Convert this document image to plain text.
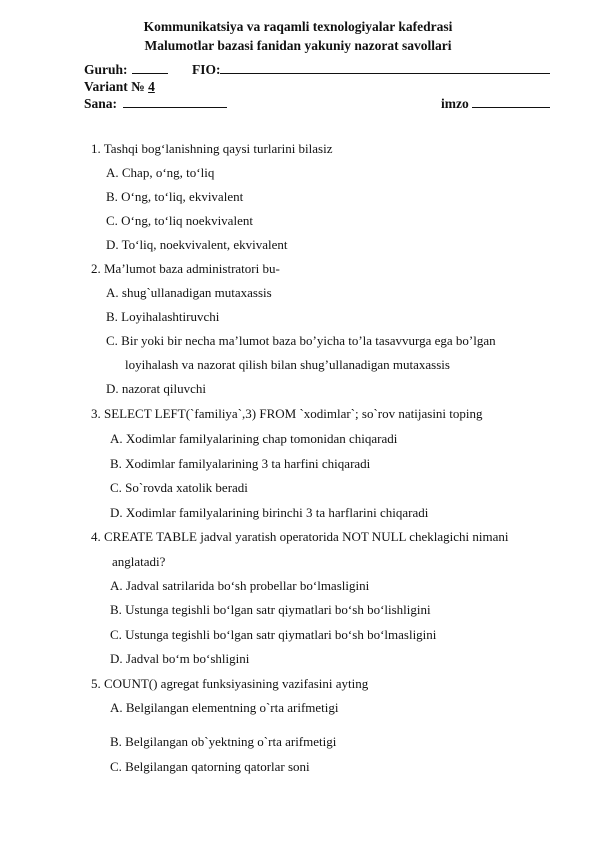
Kommunikatsiya va raqamli texnologiyalar kafedrasi
Malumotlar bazasi fanidan yakuniy nazorat savollari
Guruh:	FIO:
Variant № 4
Sana:	imzo
1. Tashqi bog‘lanishning qaysi turlarini bilasiz
A. Chap, o‘ng, to‘liq
B. O‘ng, to‘liq, ekvivalent
C. O‘ng, to‘liq noekvivalent
D. To‘liq, noekvivalent, ekvivalent
2. Ma’lumot baza administratori bu-
A. shug`ullanadigan mutaxassis
B. Loyihalashtiruvchi
C. Bir yoki bir necha ma’lumot baza bo’yicha to’la tasavvurga ega bo’lgan
loyihalash va nazorat qilish bilan shug’ullanadigan mutaxassis
D. nazorat qiluvchi
3. SELECT LEFT(`familiya`,3) FROM `xodimlar`; so`rov natijasini toping
A. Xodimlar familyalarining chap tomonidan chiqaradi
B. Xodimlar familyalarining 3 ta harfini chiqaradi
C. So`rovda xatolik beradi
D. Xodimlar familyalarining birinchi 3 ta harflarini chiqaradi
4. CREATE TABLE jadval yaratish operatorida NOT NULL cheklagichi nimani
anglatadi?
A. Jadval satrilarida bo‘sh probellar bo‘lmasligini
B. Ustunga tegishli bo‘lgan satr qiymatlari bo‘sh bo‘lishligini
C. Ustunga tegishli bo‘lgan satr qiymatlari bo‘sh bo‘lmasligini
D. Jadval bo‘m bo‘shligini
5. COUNT() agregat funksiyasining vazifasini ayting
A. Belgilangan elementning o`rta arifmetigi
B. Belgilangan ob`yektning o`rta arifmetigi
C. Belgilangan qatorning qatorlar soni
